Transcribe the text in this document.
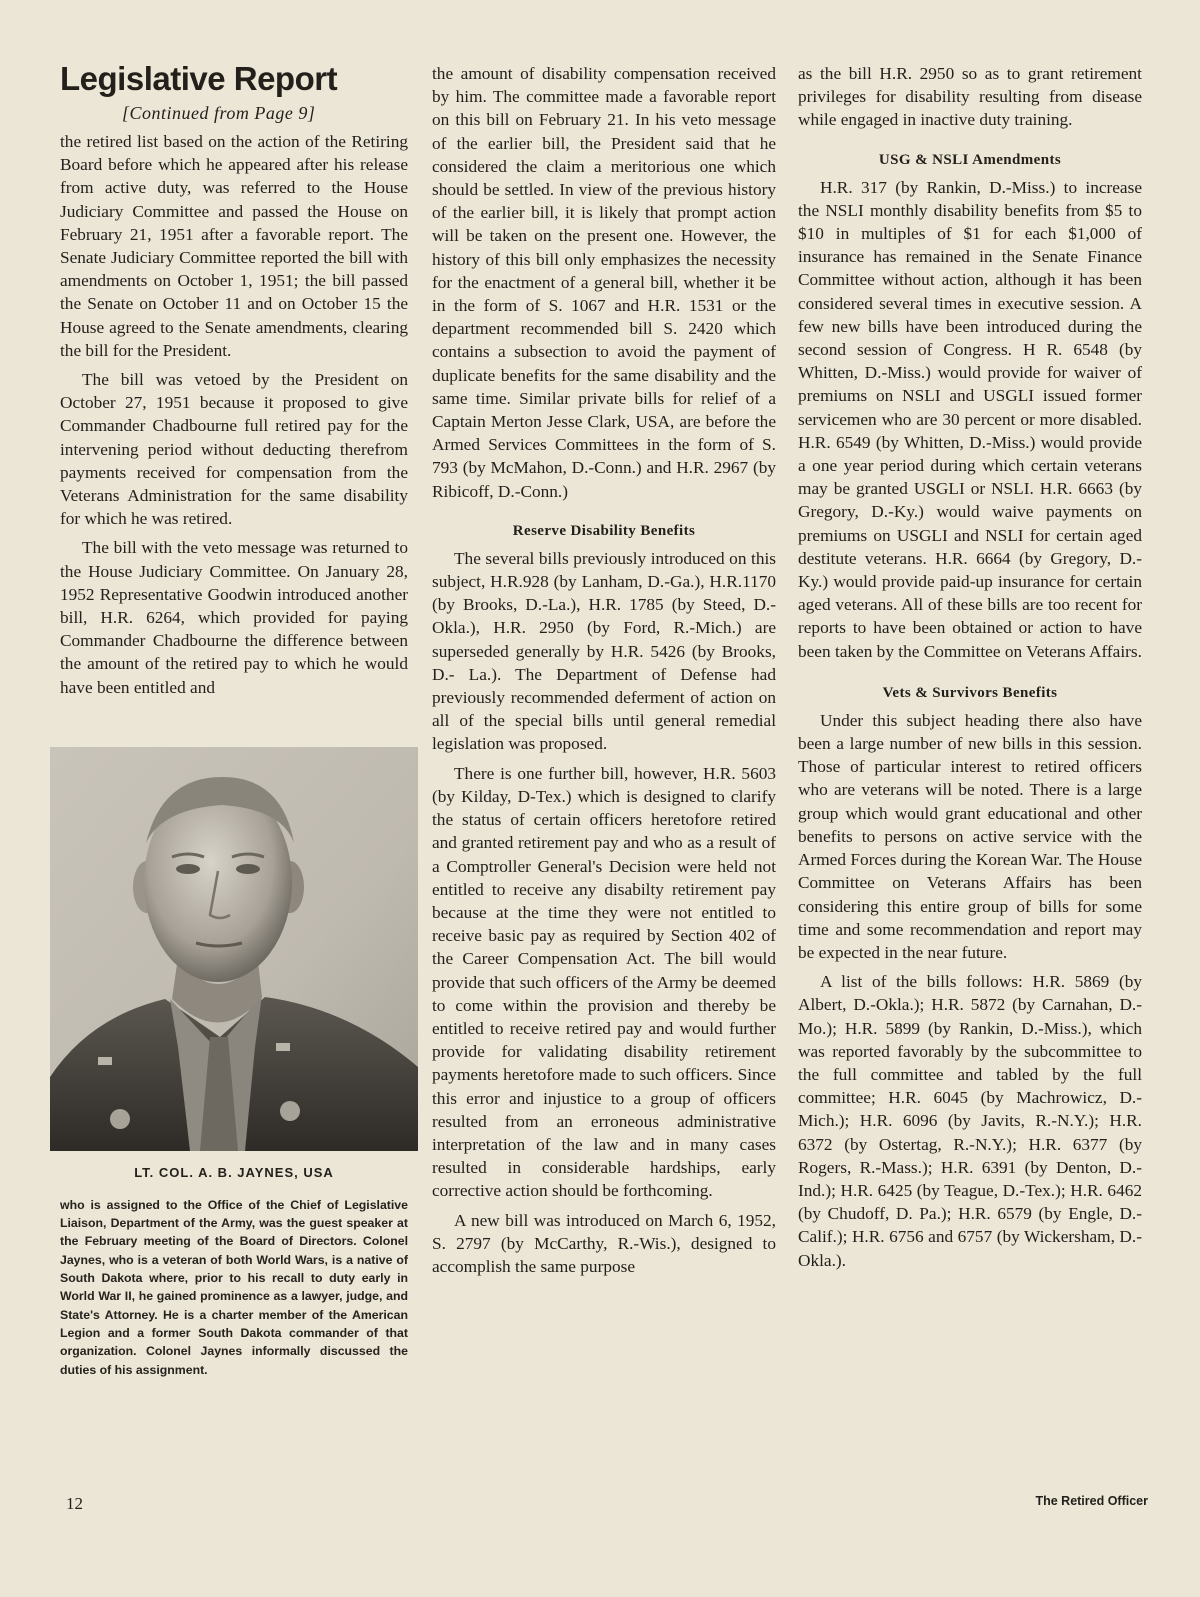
Legislative Report
[Continued from Page 9]

the retired list based on the action of the Retiring Board before which he appeared after his release from active duty, was referred to the House Judiciary Committee and passed the House on February 21, 1951 after a favorable report. The Senate Judiciary Committee reported the bill with amendments on October 1, 1951; the bill passed the Senate on October 11 and on October 15 the House agreed to the Senate amendments, clearing the bill for the President.

The bill was vetoed by the President on October 27, 1951 because it proposed to give Commander Chadbourne full retired pay for the intervening period without deducting therefrom payments received for compensation from the Veterans Administration for the same disability for which he was retired.

The bill with the veto message was returned to the House Judiciary Committee. On January 28, 1952 Representative Goodwin introduced another bill, H.R. 6264, which provided for paying Commander Chadbourne the difference between the amount of the retired pay to which he would have been entitled and

LT. COL. A. B. JAYNES, USA

who is assigned to the Office of the Chief of Legislative Liaison, Department of the Army, was the guest speaker at the February meeting of the Board of Directors. Colonel Jaynes, who is a veteran of both World Wars, is a native of South Dakota where, prior to his recall to duty early in World War II, he gained prominence as a lawyer, judge, and State's Attorney. He is a charter member of the American Legion and a former South Dakota commander of that organization. Colonel Jaynes informally discussed the duties of his assignment.

the amount of disability compensation received by him. The committee made a favorable report on this bill on February 21. In his veto message of the earlier bill, the President said that he considered the claim a meritorious one which should be settled. In view of the previous history of the earlier bill, it is likely that prompt action will be taken on the present one. However, the history of this bill only emphasizes the necessity for the enactment of a general bill, whether it be in the form of S. 1067 and H.R. 1531 or the department recommended bill S. 2420 which contains a subsection to avoid the payment of duplicate benefits for the same disability and the same time. Similar private bills for relief of a Captain Merton Jesse Clark, USA, are before the Armed Services Committees in the form of S. 793 (by McMahon, D.-Conn.) and H.R. 2967 (by Ribicoff, D.-Conn.)

Reserve Disability Benefits

The several bills previously introduced on this subject, H.R.928 (by Lanham, D.-Ga.), H.R.1170 (by Brooks, D.-La.), H.R. 1785 (by Steed, D.-Okla.), H.R. 2950 (by Ford, R.-Mich.) are superseded generally by H.R. 5426 (by Brooks, D.- La.). The Department of Defense had previously recommended deferment of action on all of the special bills until general remedial legislation was proposed.

There is one further bill, however, H.R. 5603 (by Kilday, D-Tex.) which is designed to clarify the status of certain officers heretofore retired and granted retirement pay and who as a result of a Comptroller General's Decision were held not entitled to receive any disabilty retirement pay because at the time they were not entitled to receive basic pay as required by Section 402 of the Career Compensation Act. The bill would provide that such officers of the Army be deemed to come within the provision and thereby be entitled to receive retired pay and would further provide for validating disability retirement payments heretofore made to such officers. Since this error and injustice to a group of officers resulted from an erroneous administrative interpretation of the law and in many cases resulted in considerable hardships, early corrective action should be forthcoming.

A new bill was introduced on March 6, 1952, S. 2797 (by McCarthy, R.-Wis.), designed to accomplish the same purpose

as the bill H.R. 2950 so as to grant retirement privileges for disability resulting from disease while engaged in inactive duty training.

USG & NSLI Amendments

H.R. 317 (by Rankin, D.-Miss.) to increase the NSLI monthly disability benefits from $5 to $10 in multiples of $1 for each $1,000 of insurance has remained in the Senate Finance Committee without action, although it has been considered several times in executive session. A few new bills have been introduced during the second session of Congress. H R. 6548 (by Whitten, D.-Miss.) would provide for waiver of premiums on NSLI and USGLI issued former servicemen who are 30 percent or more disabled. H.R. 6549 (by Whitten, D.-Miss.) would provide a one year period during which certain veterans may be granted USGLI or NSLI. H.R. 6663 (by Gregory, D.-Ky.) would waive payments on premiums on USGLI and NSLI for certain aged destitute veterans. H.R. 6664 (by Gregory, D.-Ky.) would provide paid-up insurance for certain aged veterans. All of these bills are too recent for reports to have been obtained or action to have been taken by the Committee on Veterans Affairs.

Vets & Survivors Benefits

Under this subject heading there also have been a large number of new bills in this session. Those of particular interest to retired officers who are veterans will be noted. There is a large group which would grant educational and other benefits to persons on active service with the Armed Forces during the Korean War. The House Committee on Veterans Affairs has been considering this entire group of bills for some time and some recommendation and report may be expected in the near future.

A list of the bills follows: H.R. 5869 (by Albert, D.-Okla.); H.R. 5872 (by Carnahan, D.-Mo.); H.R. 5899 (by Rankin, D.-Miss.), which was reported favorably by the subcommittee to the full committee and tabled by the full committee; H.R. 6045 (by Machrowicz, D.-Mich.); H.R. 6096 (by Javits, R.-N.Y.); H.R. 6372 (by Ostertag, R.-N.Y.); H.R. 6377 (by Rogers, R.-Mass.); H.R. 6391 (by Denton, D.-Ind.); H.R. 6425 (by Teague, D.-Tex.); H.R. 6462 (by Chudoff, D. Pa.); H.R. 6579 (by Engle, D.-Calif.); H.R. 6756 and 6757 (by Wickersham, D.-Okla.).

12	The Retired Officer
